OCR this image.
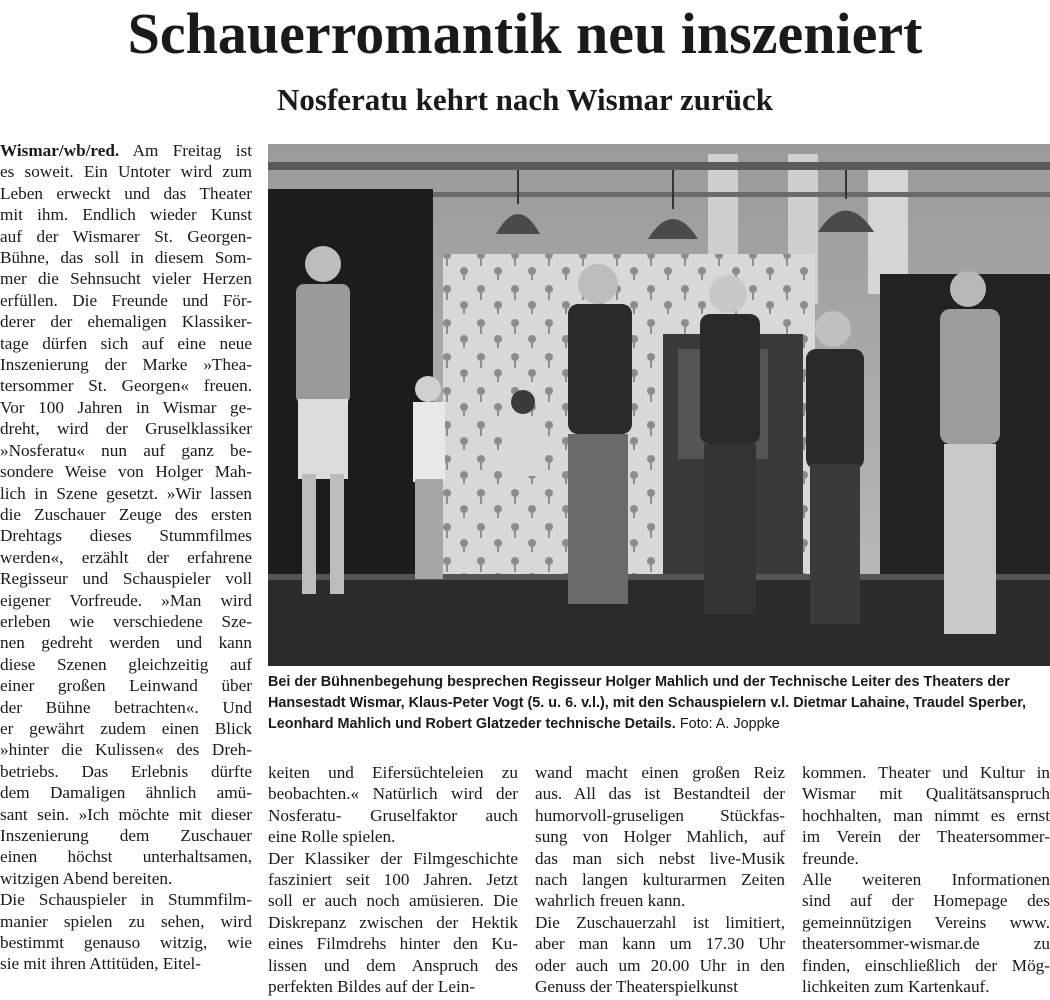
Schauerromantik neu inszeniert
Nosferatu kehrt nach Wismar zurück
Wismar/wb/red. Am Freitag ist
es soweit. Ein Untoter wird zum
Leben erweckt und das Theater
mit ihm. Endlich wieder Kunst
auf der Wismarer St. Georgen-
Bühne, das soll in diesem Som-
mer die Sehnsucht vieler Herzen
erfüllen. Die Freunde und För-
derer der ehemaligen Klassiker-
tage dürfen sich auf eine neue
Inszenierung der Marke »Thea-
tersommer St. Georgen« freuen.
Vor 100 Jahren in Wismar ge-
dreht, wird der Gruselklassiker
»Nosferatu« nun auf ganz be-
sondere Weise von Holger Mah-
lich in Szene gesetzt. »Wir lassen
die Zuschauer Zeuge des ersten
Drehtags dieses Stummfilmes
werden«, erzählt der erfahrene
Regisseur und Schauspieler voll
eigener Vorfreude. »Man wird
erleben wie verschiedene Sze-
nen gedreht werden und kann
diese Szenen gleichzeitig auf
einer großen Leinwand über
der Bühne betrachten«. Und
er gewährt zudem einen Blick
»hinter die Kulissen« des Dreh-
betriebs. Das Erlebnis dürfte
dem Damaligen ähnlich amü-
sant sein. »Ich möchte mit dieser
Inszenierung dem Zuschauer
einen höchst unterhaltsamen,
witzigen Abend bereiten.
Die Schauspieler in Stummfilm-
manier spielen zu sehen, wird
bestimmt genauso witzig, wie
sie mit ihren Attitüden, Eitel-

Bei der Bühnenbegehung besprechen Regisseur Holger Mahlich und der Technische Leiter des Theaters der Hansestadt Wismar, Klaus-Peter Vogt (5. u. 6. v.l.), mit den Schauspielern v.l. Dietmar Lahaine, Traudel Sperber, Leonhard Mahlich und Robert Glatzeder technische Details. Foto: A. Joppke

keiten und Eifersüchteleien zu
beobachten.« Natürlich wird der
Nosferatu- Gruselfaktor auch
eine Rolle spielen.
Der Klassiker der Filmgeschichte
fasziniert seit 100 Jahren. Jetzt
soll er auch noch amüsieren. Die
Diskrepanz zwischen der Hektik
eines Filmdrehs hinter den Ku-
lissen und dem Anspruch des
perfekten Bildes auf der Lein-
wand macht einen großen Reiz
aus. All das ist Bestandteil der
humorvoll-gruseligen Stückfas-
sung von Holger Mahlich, auf
das man sich nebst live-Musik
nach langen kulturarmen Zeiten
wahrlich freuen kann.
Die Zuschauerzahl ist limitiert,
aber man kann um 17.30 Uhr
oder auch um 20.00 Uhr in den
Genuss der Theaterspielkunst
kommen. Theater und Kultur in
Wismar mit Qualitätsanspruch
hochhalten, man nimmt es ernst
im Verein der Theatersommer-
freunde.
Alle weiteren Informationen
sind auf der Homepage des
gemeinnützigen Vereins www.
theatersommer-wismar.de zu
finden, einschließlich der Mög-
lichkeiten zum Kartenkauf.
